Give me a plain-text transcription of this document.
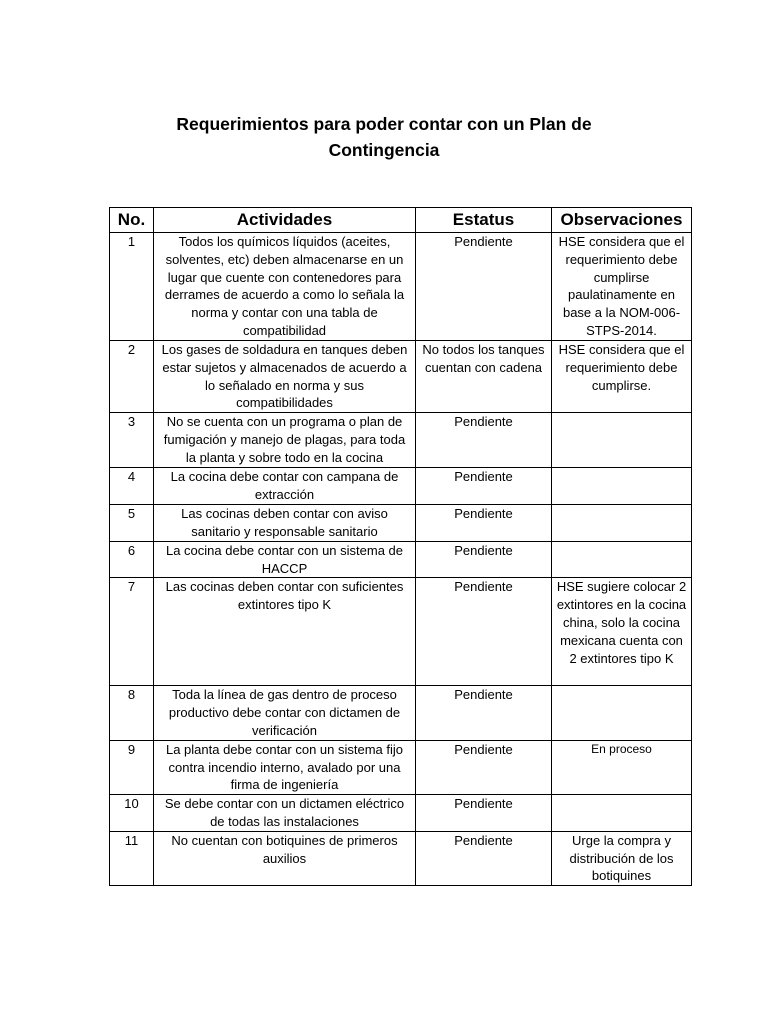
Requerimientos para poder contar con un Plan de
Contingencia
No.	Actividades	Estatus	Observaciones
1	Todos los químicos líquidos (aceites, solventes, etc) deben almacenarse en un lugar que cuente con contenedores para derrames de acuerdo a como lo señala la norma y contar con una tabla de compatibilidad	Pendiente	HSE considera que el requerimiento debe cumplirse paulatinamente en base a la NOM-006-STPS-2014.
2	Los gases de soldadura en tanques deben estar sujetos y almacenados de acuerdo a lo señalado en norma y sus compatibilidades	No todos los tanques cuentan con cadena	HSE considera que el requerimiento debe cumplirse.
3	No se cuenta con un programa o plan de fumigación y manejo de plagas, para toda la planta y sobre todo en la cocina	Pendiente	
4	La cocina debe contar con campana de extracción	Pendiente	
5	Las cocinas deben contar con aviso sanitario y responsable sanitario	Pendiente	
6	La cocina debe contar con un sistema de HACCP	Pendiente	
7	Las cocinas deben contar con suficientes extintores tipo K	Pendiente	HSE sugiere colocar 2 extintores en la cocina china, solo la cocina mexicana cuenta con 2 extintores tipo K
8	Toda la línea de gas dentro de proceso productivo debe contar con dictamen de verificación	Pendiente	
9	La planta debe contar con un sistema fijo contra incendio interno, avalado por una firma de ingeniería	Pendiente	En proceso
10	Se debe contar con un dictamen eléctrico de todas las instalaciones	Pendiente	
11	No cuentan con botiquines de primeros auxilios	Pendiente	Urge la compra y distribución de los botiquines
